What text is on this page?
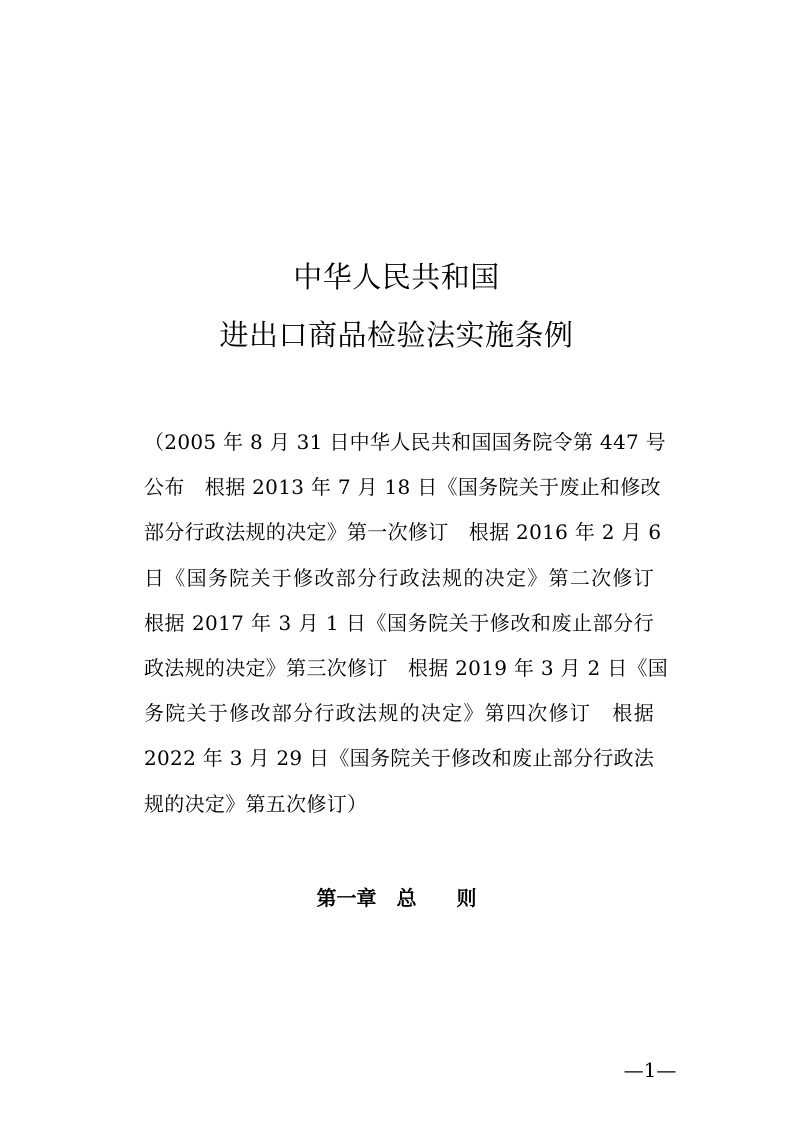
中华人民共和国
进出口商品检验法实施条例
（2005 年 8 月 31 日中华人民共和国国务院令第 447 号
公布　根据 2013 年 7 月 18 日《国务院关于废止和修改
部分行政法规的决定》第一次修订　根据 2016 年 2 月 6
日《国务院关于修改部分行政法规的决定》第二次修订
根据 2017 年 3 月 1 日《国务院关于修改和废止部分行
政法规的决定》第三次修订　根据 2019 年 3 月 2 日《国
务院关于修改部分行政法规的决定》第四次修订　根据
2022 年 3 月 29 日《国务院关于修改和废止部分行政法
规的决定》第五次修订）
第一章　总　　则
—1—
